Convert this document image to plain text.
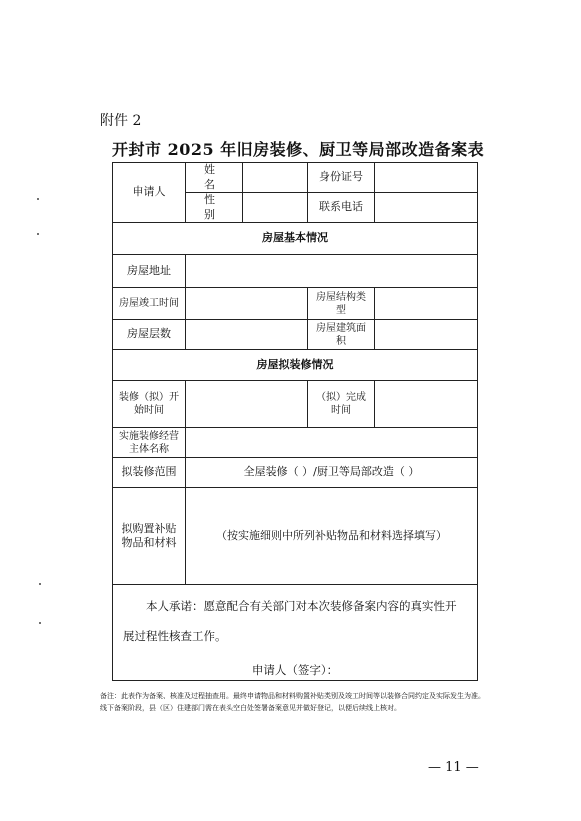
附件 2
开封市 2025 年旧房装修、厨卫等局部改造备案表
申请人	姓 名		身份证号	
	性 别		联系电话	
房屋基本情况				
房屋地址				
房屋竣工时间			房屋结构类型	
房屋层数			房屋建筑面积	
房屋拟装修情况				
装修（拟）开始时间			（拟）完成时间	
实施装修经营主体名称				
拟装修范围	全屋装修（ ）/厨卫等局部改造（ ）			
拟购置补贴物品和材料	（按实施细则中所列补贴物品和材料选择填写）			

本人承诺：愿意配合有关部门对本次装修备案内容的真实性开展过程性核查工作。
申请人（签字）：				
备注：此表作为备案、核准及过程抽查用。最终申请物品和材料购置补贴类别及竣工时间等以装修合同约定及实际发生为准。线下备案阶段，县（区）住建部门需在表头空白处签署备案意见并做好登记，以便后续线上核对。
— 11 —
